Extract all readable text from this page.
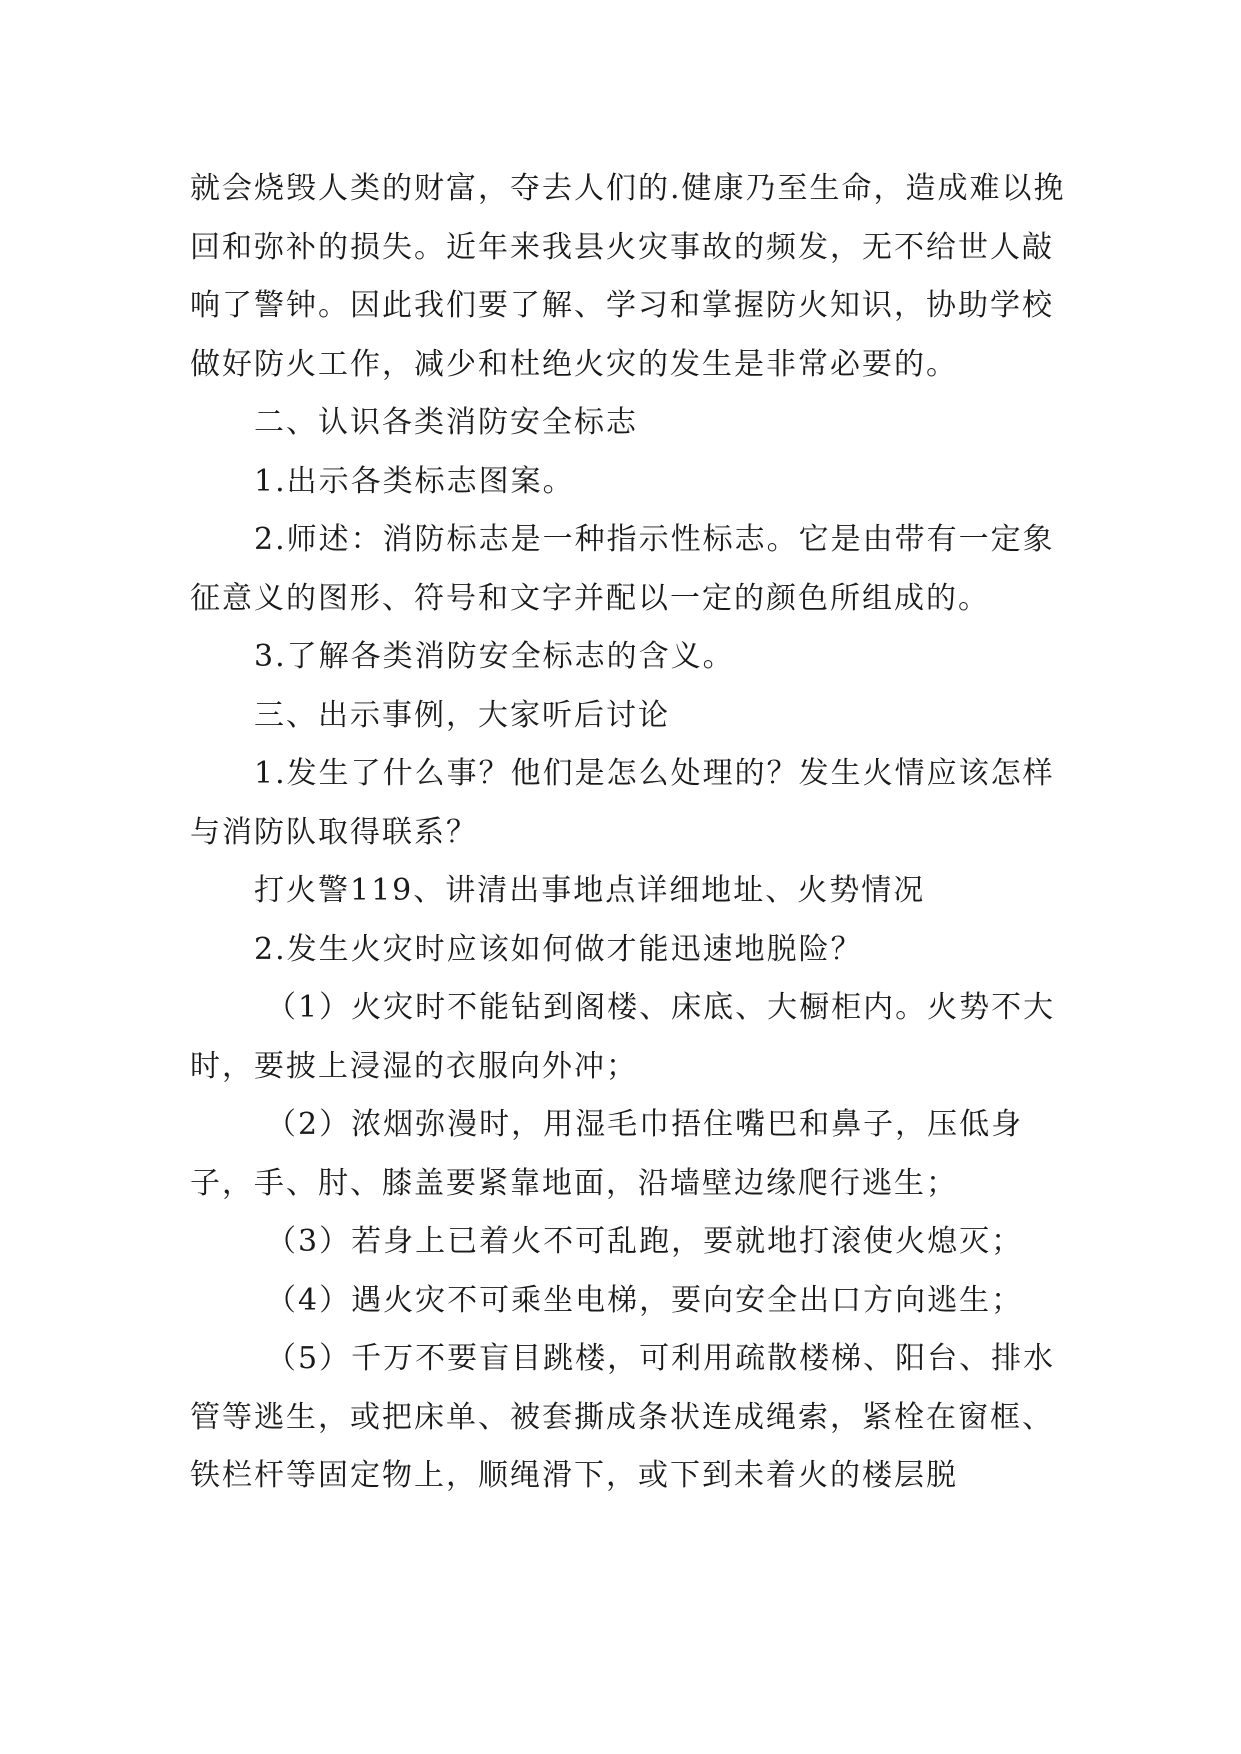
就会烧毁人类的财富，夺去人们的.健康乃至生命，造成难以挽回和弥补的损失。近年来我县火灾事故的频发，无不给世人敲响了警钟。因此我们要了解、学习和掌握防火知识，协助学校做好防火工作，减少和杜绝火灾的发生是非常必要的。

二、认识各类消防安全标志

1.出示各类标志图案。

2.师述：消防标志是一种指示性标志。它是由带有一定象征意义的图形、符号和文字并配以一定的颜色所组成的。

3.了解各类消防安全标志的含义。

三、出示事例，大家听后讨论

1.发生了什么事？他们是怎么处理的？发生火情应该怎样与消防队取得联系？

打火警119、讲清出事地点详细地址、火势情况

2.发生火灾时应该如何做才能迅速地脱险？

（1）火灾时不能钻到阁楼、床底、大橱柜内。火势不大时，要披上浸湿的衣服向外冲；

（2）浓烟弥漫时，用湿毛巾捂住嘴巴和鼻子，压低身子，手、肘、膝盖要紧靠地面，沿墙壁边缘爬行逃生；

（3）若身上已着火不可乱跑，要就地打滚使火熄灭；

（4）遇火灾不可乘坐电梯，要向安全出口方向逃生；

（5）千万不要盲目跳楼，可利用疏散楼梯、阳台、排水管等逃生，或把床单、被套撕成条状连成绳索，紧栓在窗框、铁栏杆等固定物上，顺绳滑下，或下到未着火的楼层脱
